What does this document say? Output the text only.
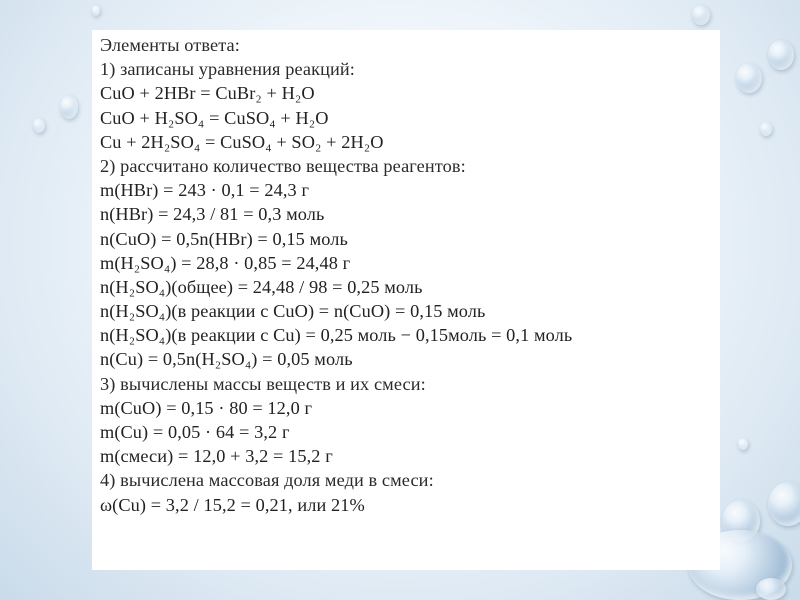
Элементы ответа:
1) записаны уравнения реакций:
CuO + 2HBr = CuBr₂ + H₂O
CuO + H₂SO₄ = CuSO₄ + H₂O
Cu + 2H₂SO₄ = CuSO₄ + SO₂ + 2H₂O
2) рассчитано количество вещества реагентов:
m(HBr) = 243 · 0,1 = 24,3 г
n(HBr) = 24,3 / 81 = 0,3 моль
n(CuO) = 0,5n(HBr) = 0,15 моль
m(H₂SO₄) = 28,8 · 0,85 = 24,48 г
n(H₂SO₄)(общее) = 24,48 / 98 = 0,25 моль
n(H₂SO₄)(в реакции с CuO) = n(CuO) = 0,15 моль
n(H₂SO₄)(в реакции с Cu) = 0,25 моль − 0,15моль = 0,1 моль
n(Cu) = 0,5n(H₂SO₄) = 0,05 моль
3) вычислены массы веществ и их смеси:
m(CuO) = 0,15 · 80 = 12,0 г
m(Cu) = 0,05 · 64 = 3,2 г
m(смеси) = 12,0 + 3,2 = 15,2 г
4) вычислена массовая доля меди в смеси:
ω(Cu) = 3,2 / 15,2 = 0,21, или 21%
